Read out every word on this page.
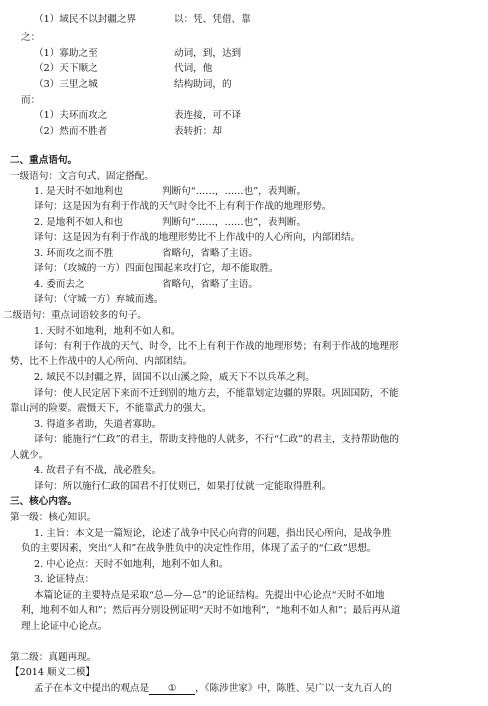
（1）域民不以封疆之界	以：凭、凭借、靠
之：
（1）寡助之至	动词，到，达到
（2）天下顺之	代词，他
（3）三里之城	结构助词，的
而：
（1）夫环而攻之	表连接，可不译
（2）然而不胜者	表转折：却
二、重点语句。
一级语句：文言句式、固定搭配。
1. 是天时不如地利也	判断句“……，……也”，表判断。
译句：这是因为有利于作战的天气时令比不上有利于作战的地理形势。
2. 是地利不如人和也	判断句“……，……也”，表判断。
译句：这是因为有利于作战的地理形势比不上作战中的人心所向，内部团结。
3. 环而攻之而不胜	省略句，省略了主语。
译句：（攻城的一方）四面包围起来攻打它，却不能取胜。
4. 委而去之	省略句，省略了主语。
译句：（守城一方）弃城而逃。
二级语句：重点词语较多的句子。
1. 天时不如地利，地利不如人和。
译句：有利于作战的天气、时令，比不上有利于作战的地理形势；有利于作战的地理形
势，比不上作战中的人心所向、内部团结。
2. 域民不以封疆之界，固国不以山溪之险，威天下不以兵革之利。
译句：使人民定居下来而不迁到别的地方去，不能靠划定边疆的界限。巩固国防，不能
靠山河的险要。震慑天下，不能靠武力的强大。
3. 得道多者助，失道者寡助。
译句：能施行“仁政”的君主，帮助支持他的人就多，不行“仁政”的君主，支持帮助他的
人就少。
4. 故君子有不战，战必胜矣。
译句：所以施行仁政的国君不打仗则已，如果打仗就一定能取得胜利。
三、核心内容。
第一级：核心知识。
1. 主旨：本文是一篇短论，论述了战争中民心向背的问题，指出民心所向，是战争胜
负的主要因素，突出“人和”在战争胜负中的决定性作用，体现了孟子的“仁政”思想。
2. 中心论点：天时不如地利，地利不如人和。
3. 论证特点：
本篇论证的主要特点是采取“总—分—总”的论证结构。先提出中心论点“天时不如地
利，地利不如人和”；然后再分别设例证明“天时不如地利”，“地利不如人和”；最后再从道
理上论证中心论点。
第二级：真题再现。
【2014 顺义二模】
孟子在本文中提出的观点是 ① ，《陈涉世家》中，陈胜、吴广以一支九百人的
